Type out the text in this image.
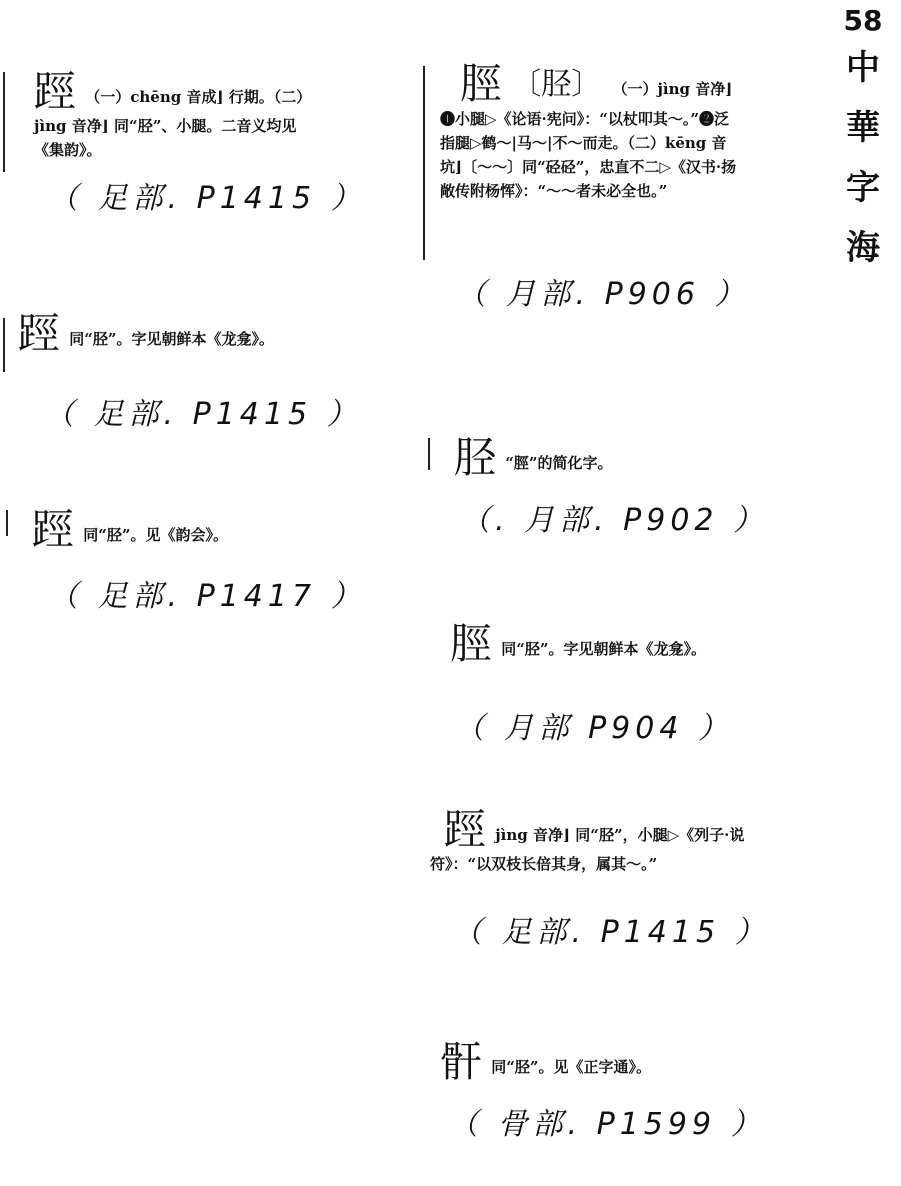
58
中
華
字
海
踁 （一）chēng 音成⌋ 行期。（二）jìng 音净⌋ 同“胫”、小腿。二音义均见《集韵》。
（ 足部. P1415 ）
踁 同“胫”。字见朝鲜本《龙龛》。
（ 足部. P1415 ）
踁 同“胫”。见《韵会》。
（ 足部. P1417 ）
脛 〔胫〕 （一）jìng 音净⌋ ❶小腿▷《论语·宪问》：“以杖叩其～。”❷泛指腿▷鹤～|马～|不～而走。（二）kēng 音坑⌋〔～～〕同“硁硁”，忠直不二▷《汉书·扬敞传附杨恽》：“～～者未必全也。”
（ 月部. P906 ）
胫 “脛”的简化字。
（. 月部. P902 ）
脛 同“胫”。字见朝鲜本《龙龛》。
（ 月部 P904 ）
踁 jìng 音净⌋ 同“胫”，小腿▷《列子·说符》：“以双枝长倍其身，属其～。”
（ 足部. P1415 ）
骭 同“胫”。见《正字通》。
（ 骨部. P1599 ）
